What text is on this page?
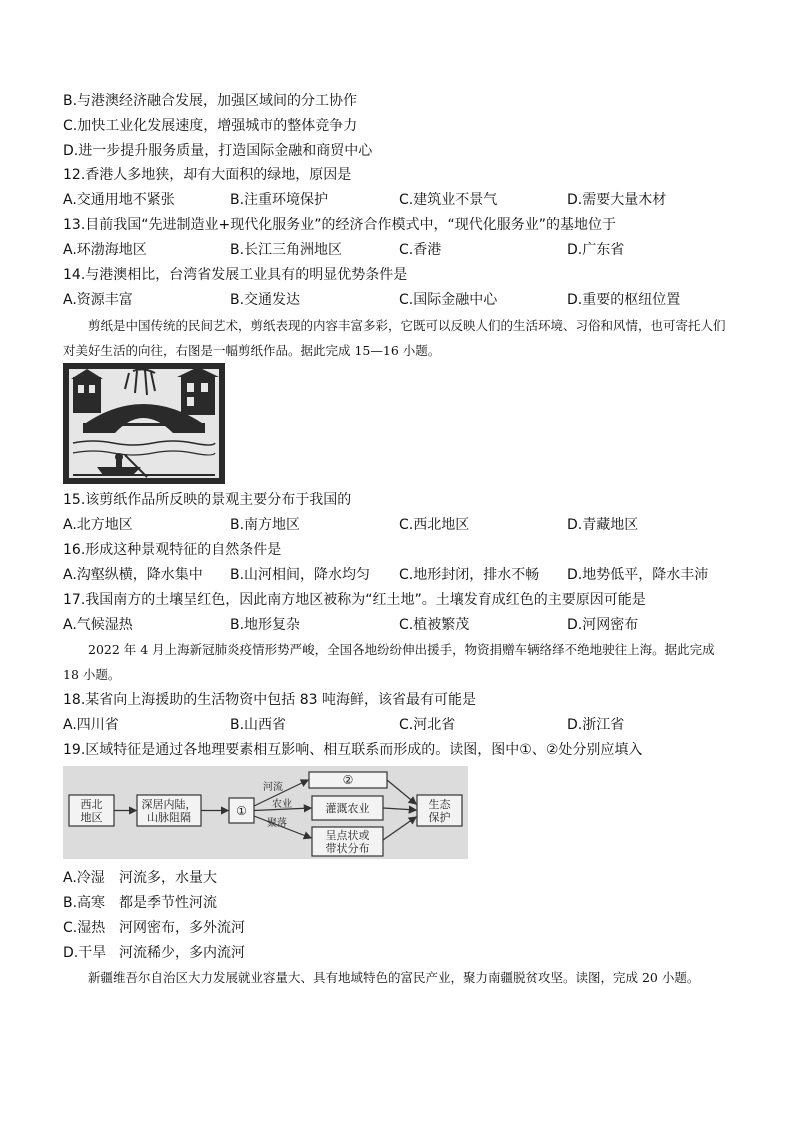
B.与港澳经济融合发展，加强区域间的分工协作
C.加快工业化发展速度，增强城市的整体竞争力
D.进一步提升服务质量，打造国际金融和商贸中心
12.香港人多地狭，却有大面积的绿地，原因是
A.交通用地不紧张	B.注重环境保护	C.建筑业不景气	D.需要大量木材
13.目前我国“先进制造业+现代化服务业”的经济合作模式中，“现代化服务业”的基地位于
A.环渤海地区	B.长江三角洲地区	C.香港	D.广东省
14.与港澳相比，台湾省发展工业具有的明显优势条件是
A.资源丰富	B.交通发达	C.国际金融中心	D.重要的枢纽位置
剪纸是中国传统的民间艺术，剪纸表现的内容丰富多彩，它既可以反映人们的生活环境、习俗和风情，也可寄托人们对美好生活的向往，右图是一幅剪纸作品。据此完成 15—16 小题。
15.该剪纸作品所反映的景观主要分布于我国的
A.北方地区	B.南方地区	C.西北地区	D.青藏地区
16.形成这种景观特征的自然条件是
A.沟壑纵横，降水集中 B.山河相间，降水均匀 C.地形封闭，排水不畅 D.地势低平，降水丰沛
17.我国南方的土壤呈红色，因此南方地区被称为“红土地”。土壤发育成红色的主要原因可能是
A.气候湿热	B.地形复杂	C.植被繁茂	D.河网密布
2022 年 4 月上海新冠肺炎疫情形势严峻，全国各地纷纷伸出援手，物资捐赠车辆络绎不绝地驶往上海。据此完成 18 小题。
18.某省向上海援助的生活物资中包括 83 吨海鲜，该省最有可能是
A.四川省	B.山西省	C.河北省	D.浙江省
19.区域特征是通过各地理要素相互影响、相互联系而形成的。读图，图中①、②处分别应填入
西北
地区
深居内陆，
山脉阻隔	①
②
灌溉农业
呈点状或
带状分布
生态
保护
河流
农业
聚落
A.冷湿 河流多，水量大
B.高寒 都是季节性河流
C.湿热 河网密布，多外流河
D.干旱 河流稀少，多内流河
新疆维吾尔自治区大力发展就业容量大、具有地域特色的富民产业，聚力南疆脱贫攻坚。读图，完成 20 小题。
